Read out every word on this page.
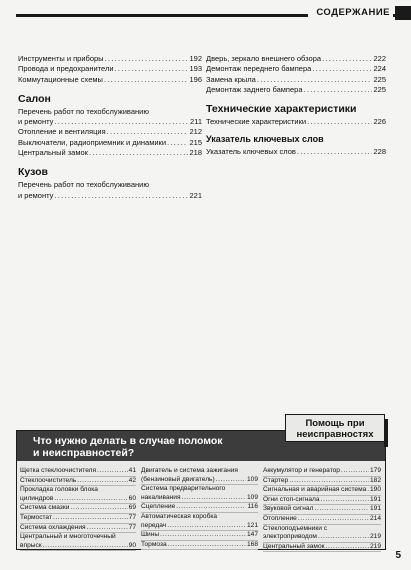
СОДЕРЖАНИЕ
Инструменты и приборы . . .	192
Провода и предохранители . . .	193
Коммутационные схемы . . .	196
Салон
Перечень работ по техобслуживанию
и ремонту . . .	211
Отопление и вентиляция . . .	212
Выключатели, радиоприемник и динамики . . .	215
Центральный замок . . .	218
Кузов
Перечень работ по техобслуживанию
и ремонту . . .	221
Дверь, зеркало внешнего обзора . . .	222
Демонтаж переднего бампера . . .	224
Замена крыла . . .	225
Демонтаж заднего бампера . . .	225
Технические характеристики
Технические характеристики . . .	226
Указатель ключевых слов
Указатель ключевых слов . . .	228
Что нужно делать в случае поломок
и неисправностей?
Помощь при
неисправностях
Щетка стеклоочистителя . . .	41
Стеклоочиститель . . .	42
Прокладка головки блока
цилиндров . . .	60
Система смазки . . .	69
Термостат . . .	77
Система охлаждения . . .	77
Центральный и многоточечный
впрыск . . .	90
Двигатель и система зажигания
(бензиновый двигатель) . . .	109
Система предварительного
накаливания . . .	109
Сцепление . . .	116
Автоматическая коробка
передач . . .	121
Шины . . .	147
Тормоза . . .	168
Аккумулятор и генератор . . .	179
Стартер . . .	182
Сигнальная и аварийная система . . . 190
Огни стоп-сигнала . . .	191
Звуковой сигнал . . .	191
Отопление . . .	214
Стеклоподъемники с
электроприводом . . .	219
Центральный замок . . .	219
5
